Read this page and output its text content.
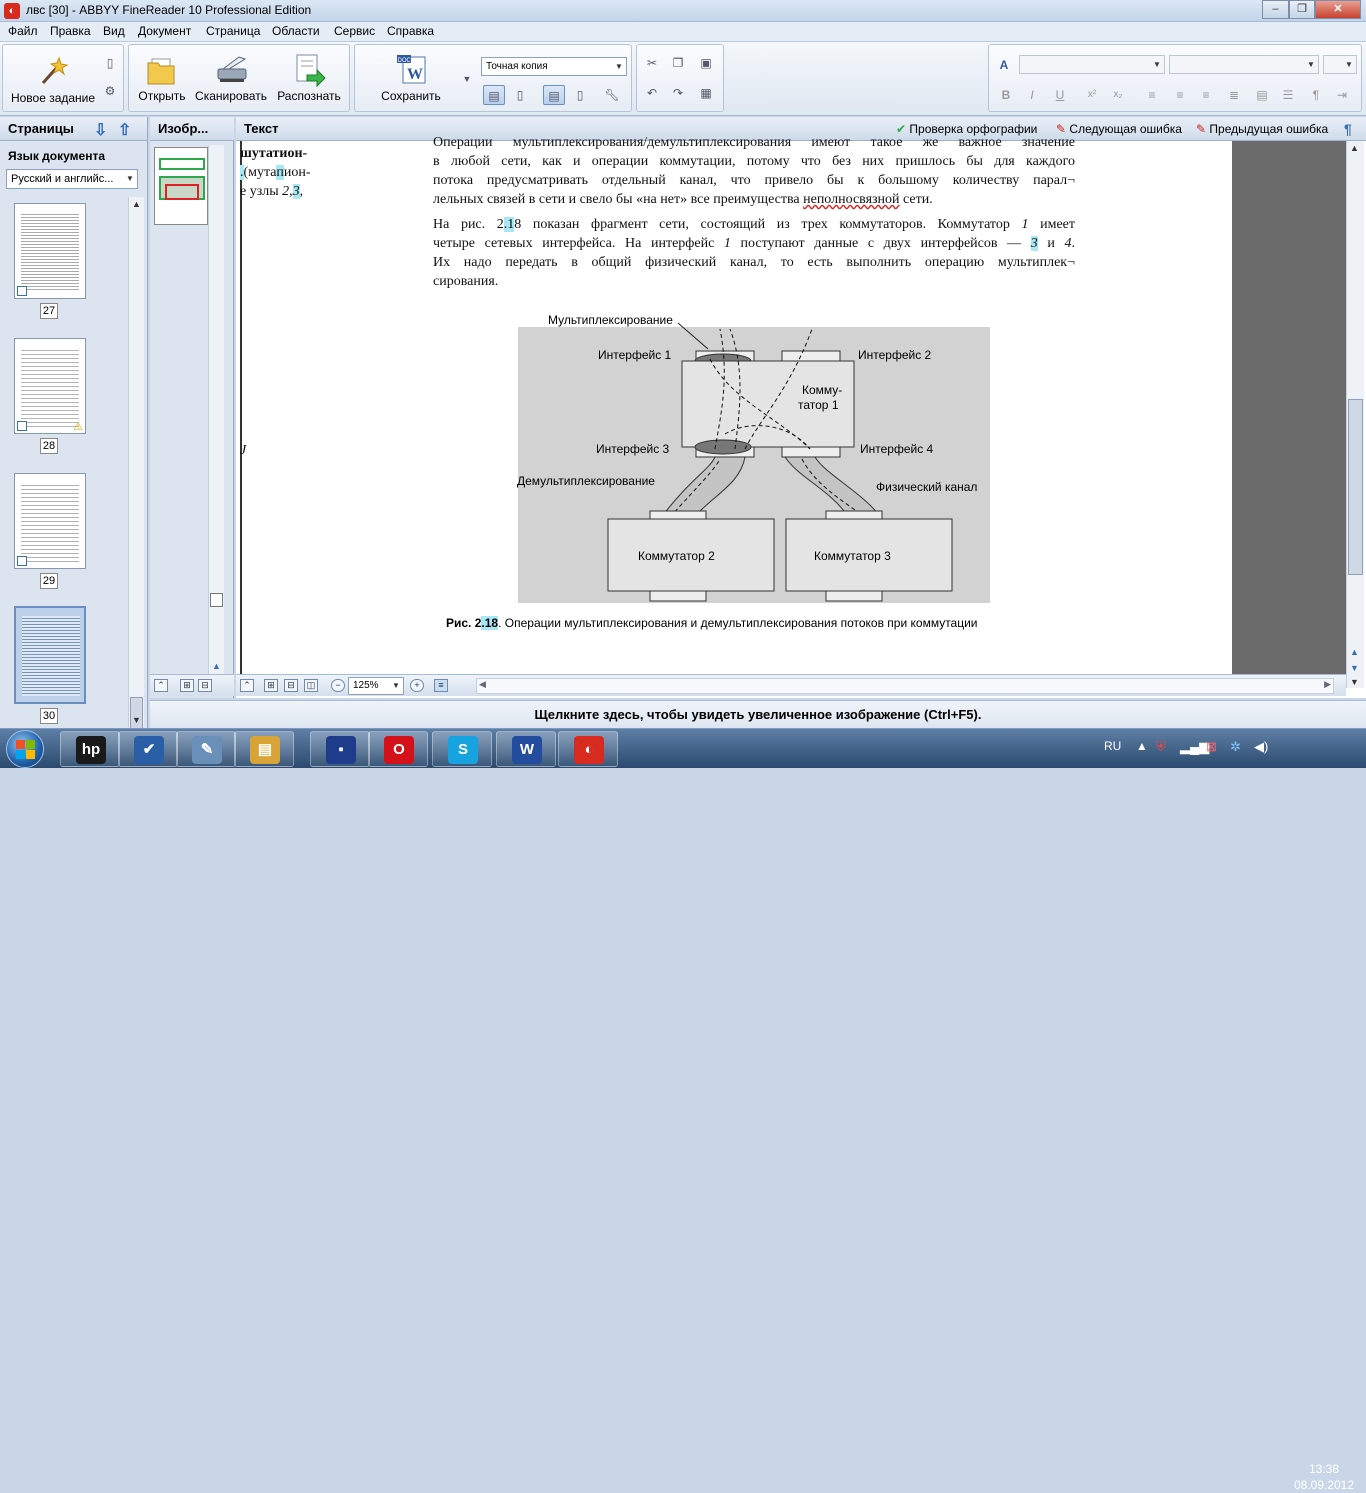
◐ лвс [30] - ABBYY FineReader 10 Professional Edition	‒	❐	✕
Файл Правка Вид Документ Страница Области Сервис Справка
Новое задание
▯
⚙	Открыть Сканировать Распознать
DOC
W
Сохранить
▼
Точная копия	▼
▤	▯	▤	▯	🔧︎
✂	❐	▣
↶	↷	▦
A	▼	▼	▼
B	I	U	x²	x₂	≡	≡	≡	≣	▤	☰	¶	⇥
Страницы ⇩ ⇧
Язык документа
Русский и английс...	▼
27
⚠
28
29
30
▲
▼
Изобр...
▲
Текст	✔ Проверка орфографии ✎ Следующая ошибка ✎ Предыдущая ошибка ¶
шутатион-
.(мутапион-
е узлы 2,3,
J
Операции мультиплексирования/демультиплексирования имеют такое же важное значение
в любой сети, как и операции коммутации, потому что без них пришлось бы для каждого
потока предусматривать отдельный канал, что привело бы к большому количеству парал¬
лельных связей в сети и свело бы «на нет» все преимущества неполносвязной сети.
На рис. 2.18 показан фрагмент сети, состоящий из трех коммутаторов. Коммутатор 1 имеет
четыре сетевых интерфейса. На интерфейс 1 поступают данные с двух интерфейсов — 3 и 4.
Их надо передать в общий физический канал, то есть выполнить операцию мультиплек¬
сирования.
Мультиплексирование
Интерфейс 1	Интерфейс 2
Комму-
татор 1
Интерфейс 3	Интерфейс 4
Демультиплексирование	Физический канал
Коммутатор 2	Коммутатор 3
Рис. 2.18. Операции мультиплексирования и демультиплексирования потоков при коммутации
▲
▲
▼
▼
⌃	⊞	⊟	⌃	⊞	⊟	◫	−	125%	▼	+	≡	◀	▶
Щелкните здесь, чтобы увидеть увеличенное изображение (Ctrl+F5).
hp	✔	✎	▤	▪	O	S	W	◐	RU ▲ ⛨ ▂▄▆
⊠ ✲ ◀)
13:38
08.09.2012
